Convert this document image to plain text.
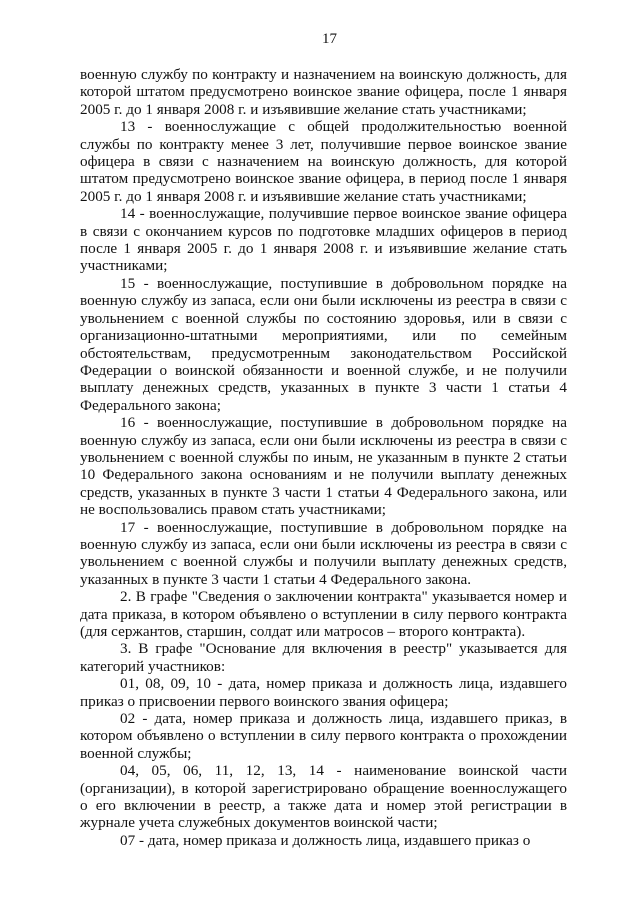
17

военную службу по контракту и назначением на воинскую должность, для которой штатом предусмотрено воинское звание офицера, после 1 января 2005 г. до 1 января 2008 г. и изъявившие желание стать участниками;

13 - военнослужащие с общей продолжительностью военной службы по контракту менее 3 лет, получившие первое воинское звание офицера в связи с назначением на воинскую должность, для которой штатом предусмотрено воинское звание офицера, в период после 1 января 2005 г. до 1 января 2008 г. и изъявившие желание стать участниками;

14 - военнослужащие, получившие первое воинское звание офицера в связи с окончанием курсов по подготовке младших офицеров в период после 1 января 2005 г. до 1 января 2008 г. и изъявившие желание стать участниками;

15 - военнослужащие, поступившие в добровольном порядке на военную службу из запаса, если они были исключены из реестра в связи с увольнением с военной службы по состоянию здоровья, или в связи с организационно-штатными мероприятиями, или по семейным обстоятельствам, предусмотренным законодательством Российской Федерации о воинской обязанности и военной службе, и не получили выплату денежных средств, указанных в пункте 3 части 1 статьи 4 Федерального закона;

16 - военнослужащие, поступившие в добровольном порядке на военную службу из запаса, если они были исключены из реестра в связи с увольнением с военной службы по иным, не указанным в пункте 2 статьи 10 Федерального закона основаниям и не получили выплату денежных средств, указанных в пункте 3 части 1 статьи 4 Федерального закона, или не воспользовались правом стать участниками;

17 - военнослужащие, поступившие в добровольном порядке на военную службу из запаса, если они были исключены из реестра в связи с увольнением с военной службы и получили выплату денежных средств, указанных в пункте 3 части 1 статьи 4 Федерального закона.

2. В графе "Сведения о заключении контракта" указывается номер и дата приказа, в котором объявлено о вступлении в силу первого контракта (для сержантов, старшин, солдат или матросов – второго контракта).

3. В графе "Основание для включения в реестр" указывается для категорий участников:

01, 08, 09, 10 - дата, номер приказа и должность лица, издавшего приказ о присвоении первого воинского звания офицера;

02 - дата, номер приказа и должность лица, издавшего приказ, в котором объявлено о вступлении в силу первого контракта о прохождении военной службы;

04, 05, 06, 11, 12, 13, 14 - наименование воинской части (организации), в которой зарегистрировано обращение военнослужащего о его включении в реестр, а также дата и номер этой регистрации в журнале учета служебных документов воинской части;

07 - дата, номер приказа и должность лица, издавшего приказ о
